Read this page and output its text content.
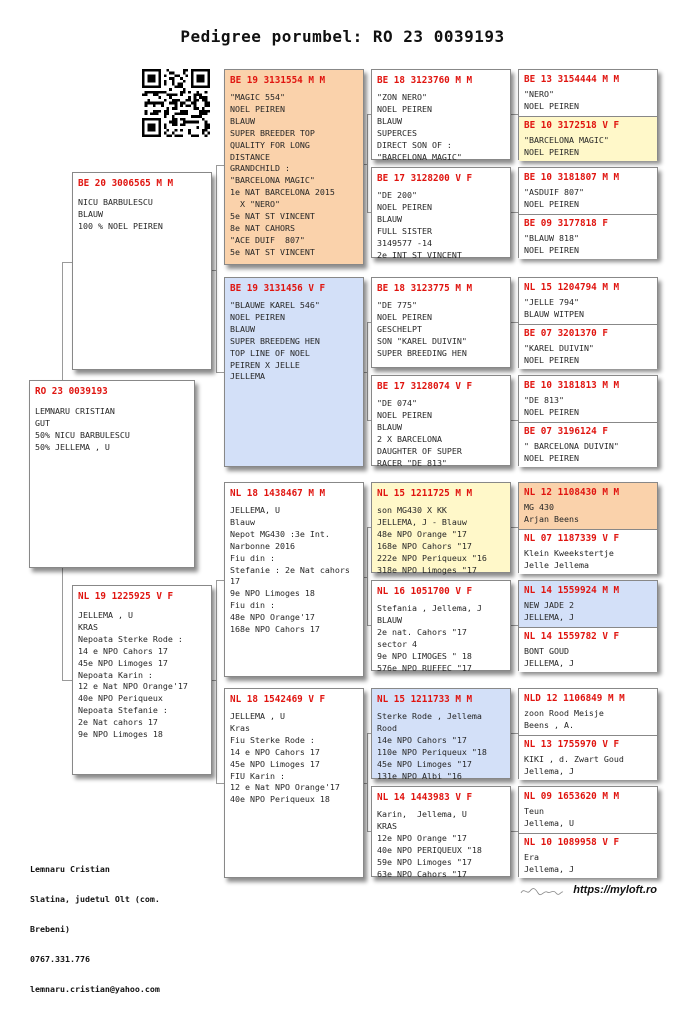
Pedigree porumbel: RO 23 0039193
BE 20 3006565 M M
NICU BARBULESCU
BLAUW
100 % NOEL PEIREN
RO 23 0039193
LEMNARU CRISTIAN
GUT
50% NICU BARBULESCU
50% JELLEMA , U
NL 19 1225925 V F
JELLEMA , U
KRAS
Nepoata Sterke Rode :
14 e NPO Cahors 17
45e NPO Limoges 17
Nepoata Karin :
12 e Nat NPO Orange'17
40e NPO Periqueux
Nepoata Stefanie :
2e Nat cahors 17
9e NPO Limoges 18
BE 19 3131554 M M
"MAGIC 554"
NOEL PEIREN
BLAUW
SUPER BREEDER TOP
QUALITY FOR LONG
DISTANCE
GRANDCHILD :
"BARCELONA MAGIC"
1e NAT BARCELONA 2015
X "NERO"
5e NAT ST VINCENT
8e NAT CAHORS
"ACE DUIF  807"
5e NAT ST VINCENT
BE 19 3131456 V F
"BLAUWE KAREL 546"
NOEL PEIREN
BLAUW
SUPER BREEDENG HEN
TOP LINE OF NOEL
PEIREN X JELLE
JELLEMA
NL 18 1438467 M M
JELLEMA, U
Blauw
Nepot MG430 :3e Int.
Narbonne 2016
Fiu din :
Stefanie : 2e Nat cahors
17
9e NPO Limoges 18
Fiu din :
48e NPO Orange'17
168e NPO Cahors 17
NL 18 1542469 V F
JELLEMA , U
Kras
Fiu Sterke Rode :
14 e NPO Cahors 17
45e NPO Limoges 17
FIU Karin :
12 e Nat NPO Orange'17
40e NPO Periqueux 18
BE 18 3123760 M M
"ZON NERO"
NOEL PEIREN
BLAUW
SUPERCES
DIRECT SON OF :
"BARCELONA MAGIC"
BE 17 3128200 V F
"DE 200"
NOEL PEIREN
BLAUW
FULL SISTER
3149577 -14
2e INT ST VINCENT
BE 18 3123775 M M
"DE 775"
NOEL PEIREN
GESCHELPT
SON "KAREL DUIVIN"
SUPER BREEDING HEN
BE 17 3128074 V F
"DE 074"
NOEL PEIREN
BLAUW
2 X BARCELONA
DAUGHTER OF SUPER
RACER "DE 813"
NL 15 1211725 M M
son MG430 X KK
JELLEMA, J - Blauw
48e NPO Orange "17
168e NPO Cahors "17
222e NPO Periqueux "16
318e NPO Limoges "17
NL 16 1051700 V F
Stefania , Jellema, J
BLAUW
2e nat. Cahors "17
sector 4
9e NPO LIMOGES " 18
576e NPO RUFFEC "17
NL 15 1211733 M M
Sterke Rode , Jellema
Rood
14e NPO Cahors "17
110e NPO Periqueux "18
45e NPO Limoges "17
131e NPO Albi "16
NL 14 1443983 V F
Karin,  Jellema, U
KRAS
12e NPO Orange "17
40e NPO PERIQUEUX "18
59e NPO Limoges "17
63e NPO Cahors "17
BE 13 3154444 M M
"NERO"
NOEL PEIREN
BE 10 3172518 V F
"BARCELONA MAGIC"
NOEL PEIREN
BE 10 3181807 M M
"ASDUIF 807"
NOEL PEIREN
BE 09 3177818 F
"BLAUW 818"
NOEL PEIREN
NL 15 1204794 M M
"JELLE 794"
BLAUW WITPEN
BE 07 3201370 F
"KAREL DUIVIN"
NOEL PEIREN
BE 10 3181813 M M
"DE 813"
NOEL PEIREN
BE 07 3196124 F
" BARCELONA DUIVIN"
NOEL PEIREN
NL 12 1108430 M M
MG 430
Arjan Beens
NL 07 1187339 V F
Klein Kweekstertje
Jelle Jellema
NL 14 1559924 M M
NEW JADE 2
JELLEMA, J
NL 14 1559782 V F
BONT GOUD
JELLEMA, J
NLD 12 1106849 M M
zoon Rood Meisje
Beens , A.
NL 13 1755970 V F
KIKI , d. Zwart Goud
Jellema, J
NL 09 1653620 M M
Teun
Jellema, U
NL 10 1089958 V F
Era
Jellema, J

Lemnaru Cristian

Slatina, judetul Olt (com.

Brebeni)

0767.331.776

lemnaru.cristian@yahoo.com

https://myloft.ro
